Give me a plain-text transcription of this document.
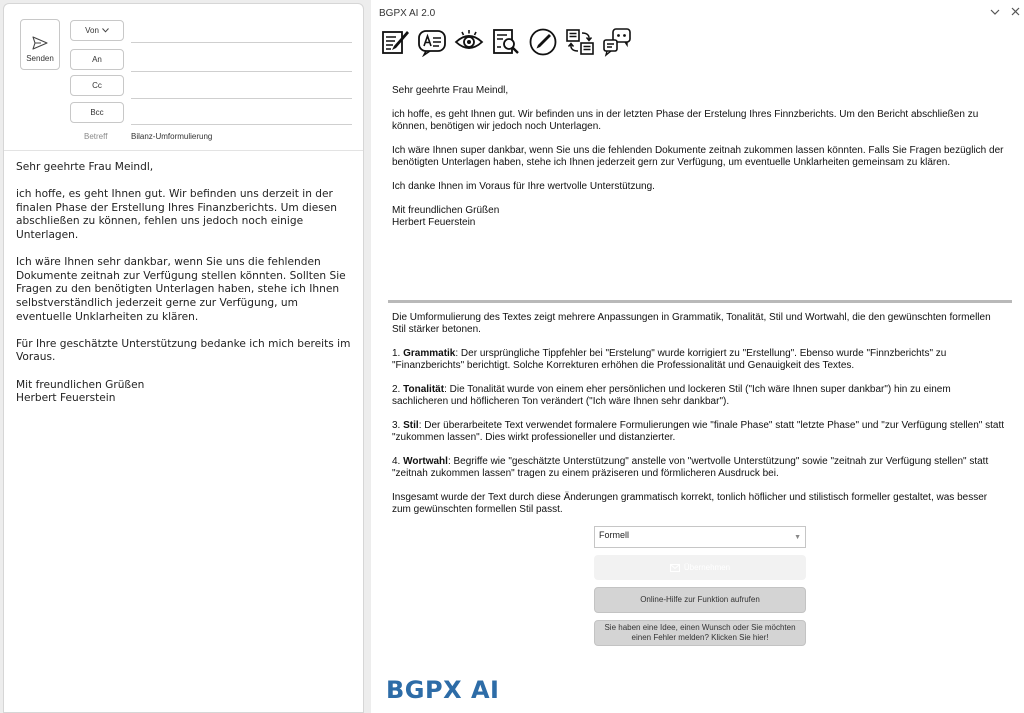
Senden
Von
An
Cc
Bcc
Betreff	Bilanz-Umformulierung

Sehr geehrte Frau Meindl,

ich hoffe, es geht Ihnen gut. Wir befinden uns derzeit in der finalen Phase der Erstellung Ihres Finanzberichts. Um diesen abschließen zu können, fehlen uns jedoch noch einige Unterlagen.

Ich wäre Ihnen sehr dankbar, wenn Sie uns die fehlenden Dokumente zeitnah zur Verfügung stellen könnten. Sollten Sie Fragen zu den benötigten Unterlagen haben, stehe ich Ihnen selbstverständlich jederzeit gerne zur Verfügung, um eventuelle Unklarheiten zu klären.

Für Ihre geschätzte Unterstützung bedanke ich mich bereits im Voraus.

Mit freundlichen Grüßen
Herbert Feuerstein

BGPX AI 2.0

Sehr geehrte Frau Meindl,

ich hoffe, es geht Ihnen gut. Wir befinden uns in der letzten Phase der Erstelung Ihres Finnzberichts. Um den Bericht abschließen zu können, benötigen wir jedoch noch Unterlagen.

Ich wäre Ihnen super dankbar, wenn Sie uns die fehlenden Dokumente zeitnah zukommen lassen könnten. Falls Sie Fragen bezüglich der benötigten Unterlagen haben, stehe ich Ihnen jederzeit gern zur Verfügung, um eventuelle Unklarheiten gemeinsam zu klären.

Ich danke Ihnen im Voraus für Ihre wertvolle Unterstützung.

Mit freundlichen Grüßen
Herbert Feuerstein

Die Umformulierung des Textes zeigt mehrere Anpassungen in Grammatik, Tonalität, Stil und Wortwahl, die den gewünschten formellen Stil stärker betonen.

1. Grammatik: Der ursprüngliche Tippfehler bei "Erstelung" wurde korrigiert zu "Erstellung". Ebenso wurde "Finnzberichts" zu "Finanzberichts" berichtigt. Solche Korrekturen erhöhen die Professionalität und Genauigkeit des Textes.

2. Tonalität: Die Tonalität wurde von einem eher persönlichen und lockeren Stil ("Ich wäre Ihnen super dankbar") hin zu einem sachlicheren und höflicheren Ton verändert ("Ich wäre Ihnen sehr dankbar").

3. Stil: Der überarbeitete Text verwendet formalere Formulierungen wie "finale Phase" statt "letzte Phase" und "zur Verfügung stellen" statt "zukommen lassen". Dies wirkt professioneller und distanzierter.

4. Wortwahl: Begriffe wie "geschätzte Unterstützung" anstelle von "wertvolle Unterstützung" sowie "zeitnah zur Verfügung stellen" statt "zeitnah zukommen lassen" tragen zu einem präziseren und förmlicheren Ausdruck bei.

Insgesamt wurde der Text durch diese Änderungen grammatisch korrekt, tonlich höflicher und stilistisch formeller gestaltet, was besser zum gewünschten formellen Stil passt.

Formell	▼
Übernehmen
Online-Hilfe zur Funktion aufrufen
Sie haben eine Idee, einen Wunsch oder Sie möchten einen Fehler melden? Klicken Sie hier!
BGPX AI
